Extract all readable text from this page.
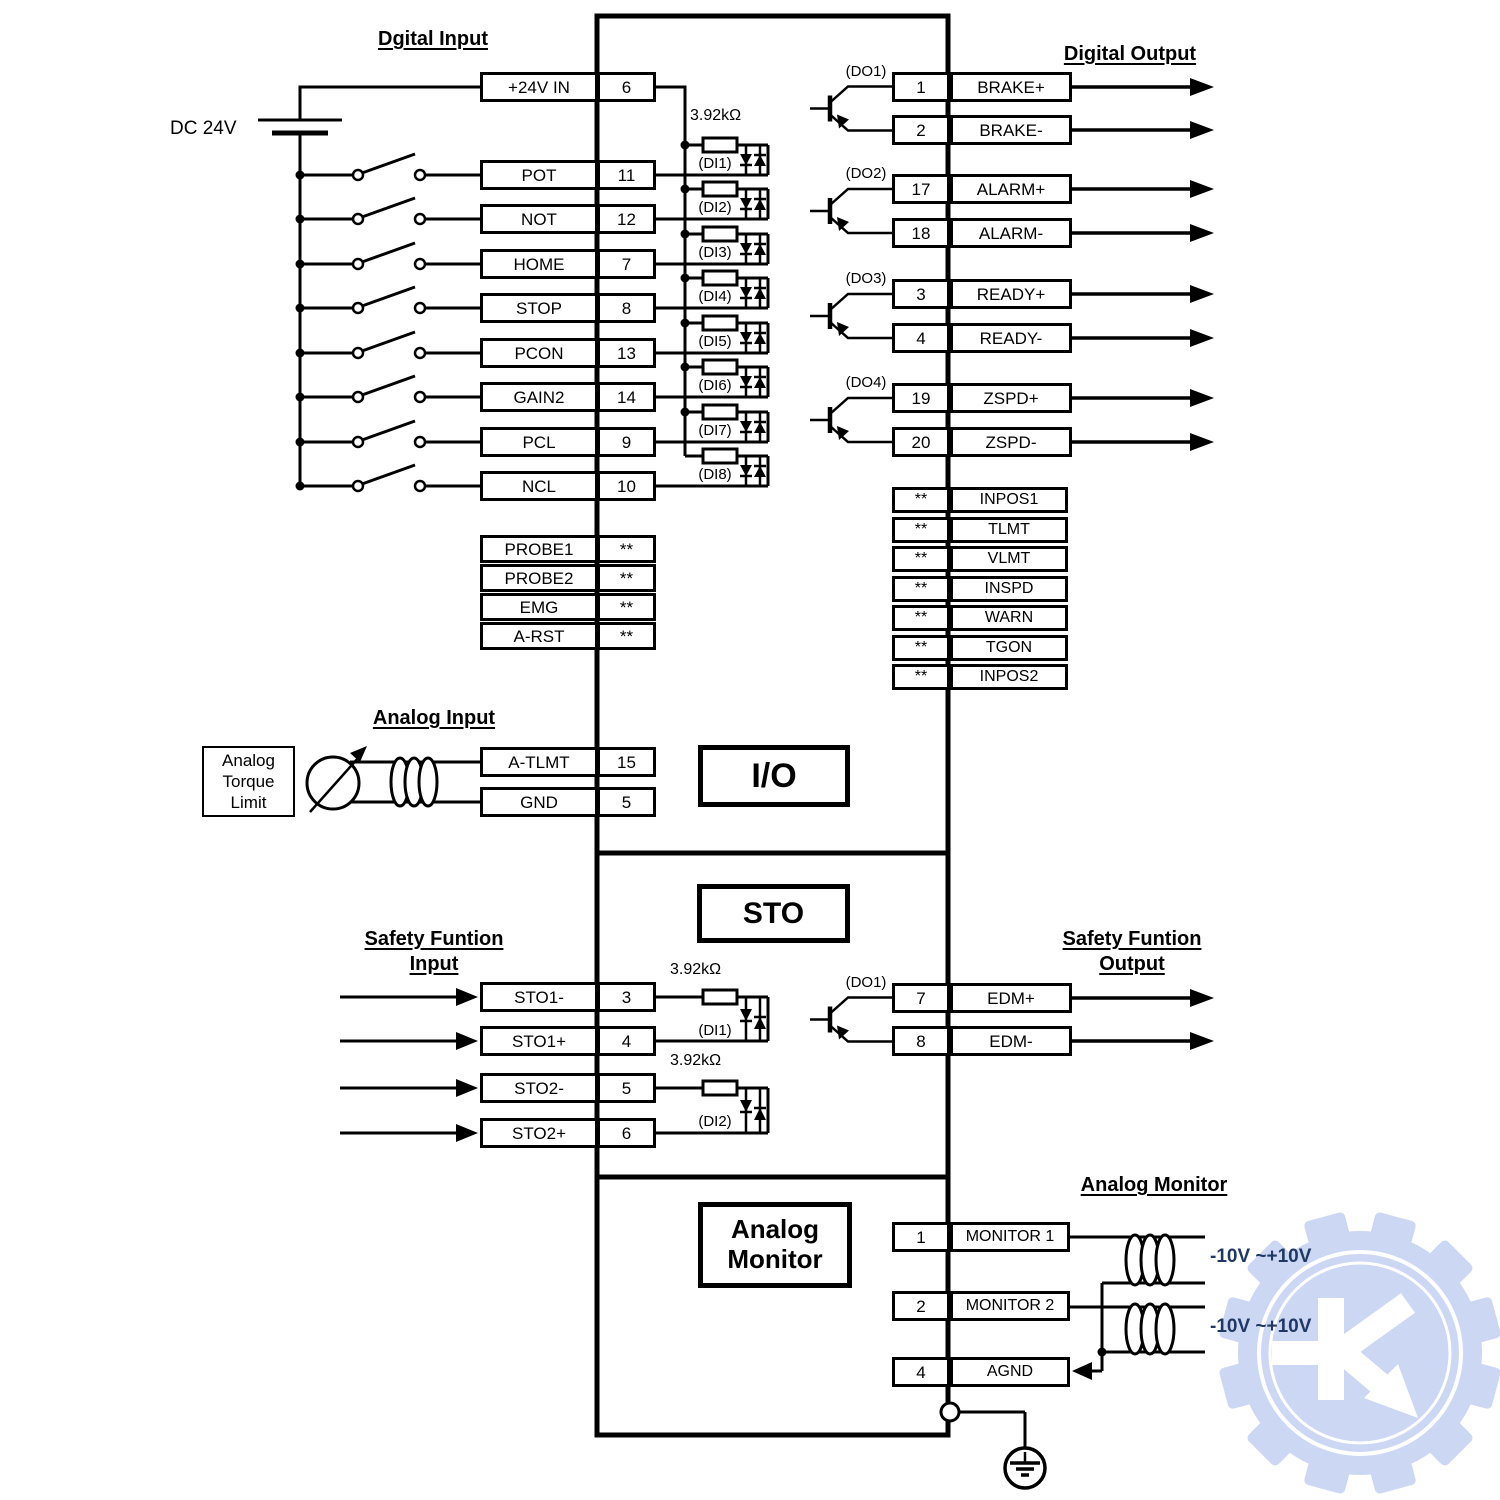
Dgital Input
Digital Output
Analog Input
Safety Funtion
Input
Safety Funtion
Output
Analog Monitor
DC 24V
3.92kΩ
3.92kΩ
3.92kΩ
(DI1)
(DI2)
(DI3)
(DI4)
(DI5)
(DI6)
(DI7)
(DI8)
(DI1)
(DI2)
(DO1)
(DO2)
(DO3)
(DO4)
(DO1)
-10V ~+10V
-10V ~+10V
I/O
STO
Analog
Monitor
Analog
Torque
Limit
+24V IN	6
POT	11
NOT	12
HOME	7
STOP	8
PCON	13
GAIN2	14
PCL	9
NCL	10
PROBE1	**
PROBE2	**
EMG	**
A-RST	**
1	BRAKE+
2	BRAKE-
17	ALARM+
18	ALARM-
3	READY+
4	READY-
19	ZSPD+
20	ZSPD-
**	INPOS1
**	TLMT
**	VLMT
**	INSPD
**	WARN
**	TGON
**	INPOS2
A-TLMT	15
GND	5
STO1-	3
STO1+	4
STO2-	5
STO2+	6
7	EDM+
8	EDM-
1	MONITOR 1
2	MONITOR 2
4	AGND
